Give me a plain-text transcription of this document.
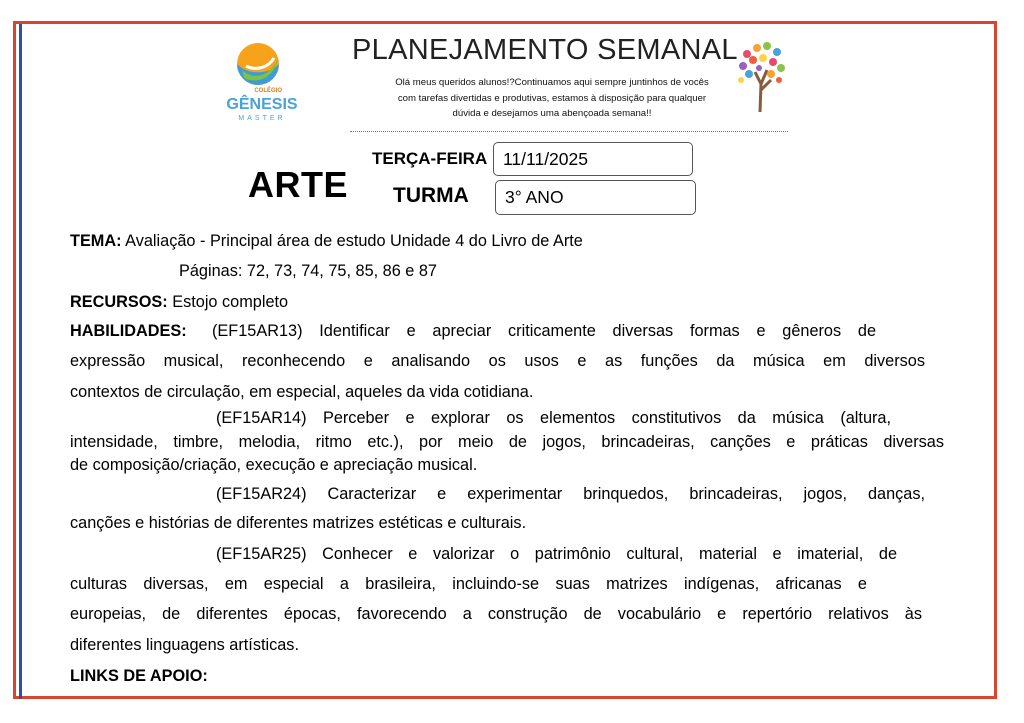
COLÉGIO
GÊNESIS
MASTER
PLANEJAMENTO SEMANAL
Olá meus queridos alunos!?Continuamos aqui sempre juntinhos de vocês
com tarefas divertidas e produtivas, estamos à disposição para qualquer
dúvida e desejamos uma abençoada semana!!
ARTE
TERÇA-FEIRA 11/11/2025
TURMA 3° ANO
TEMA: Avaliação - Principal área de estudo Unidade 4 do Livro de Arte
Páginas: 72, 73, 74, 75, 85, 86 e 87
RECURSOS: Estojo completo
HABILIDADES: (EF15AR13) Identificar e apreciar criticamente diversas formas e gêneros de
expressão musical, reconhecendo e analisando os usos e as funções da música em diversos
contextos de circulação, em especial, aqueles da vida cotidiana.
(EF15AR14) Perceber e explorar os elementos constitutivos da música (altura,
intensidade, timbre, melodia, ritmo etc.), por meio de jogos, brincadeiras, canções e práticas diversas
de composição/criação, execução e apreciação musical.
(EF15AR24) Caracterizar e experimentar brinquedos, brincadeiras, jogos, danças,
canções e histórias de diferentes matrizes estéticas e culturais.
(EF15AR25) Conhecer e valorizar o patrimônio cultural, material e imaterial, de
culturas diversas, em especial a brasileira, incluindo-se suas matrizes indígenas, africanas e
europeias, de diferentes épocas, favorecendo a construção de vocabulário e repertório relativos às
diferentes linguagens artísticas.
LINKS DE APOIO:
